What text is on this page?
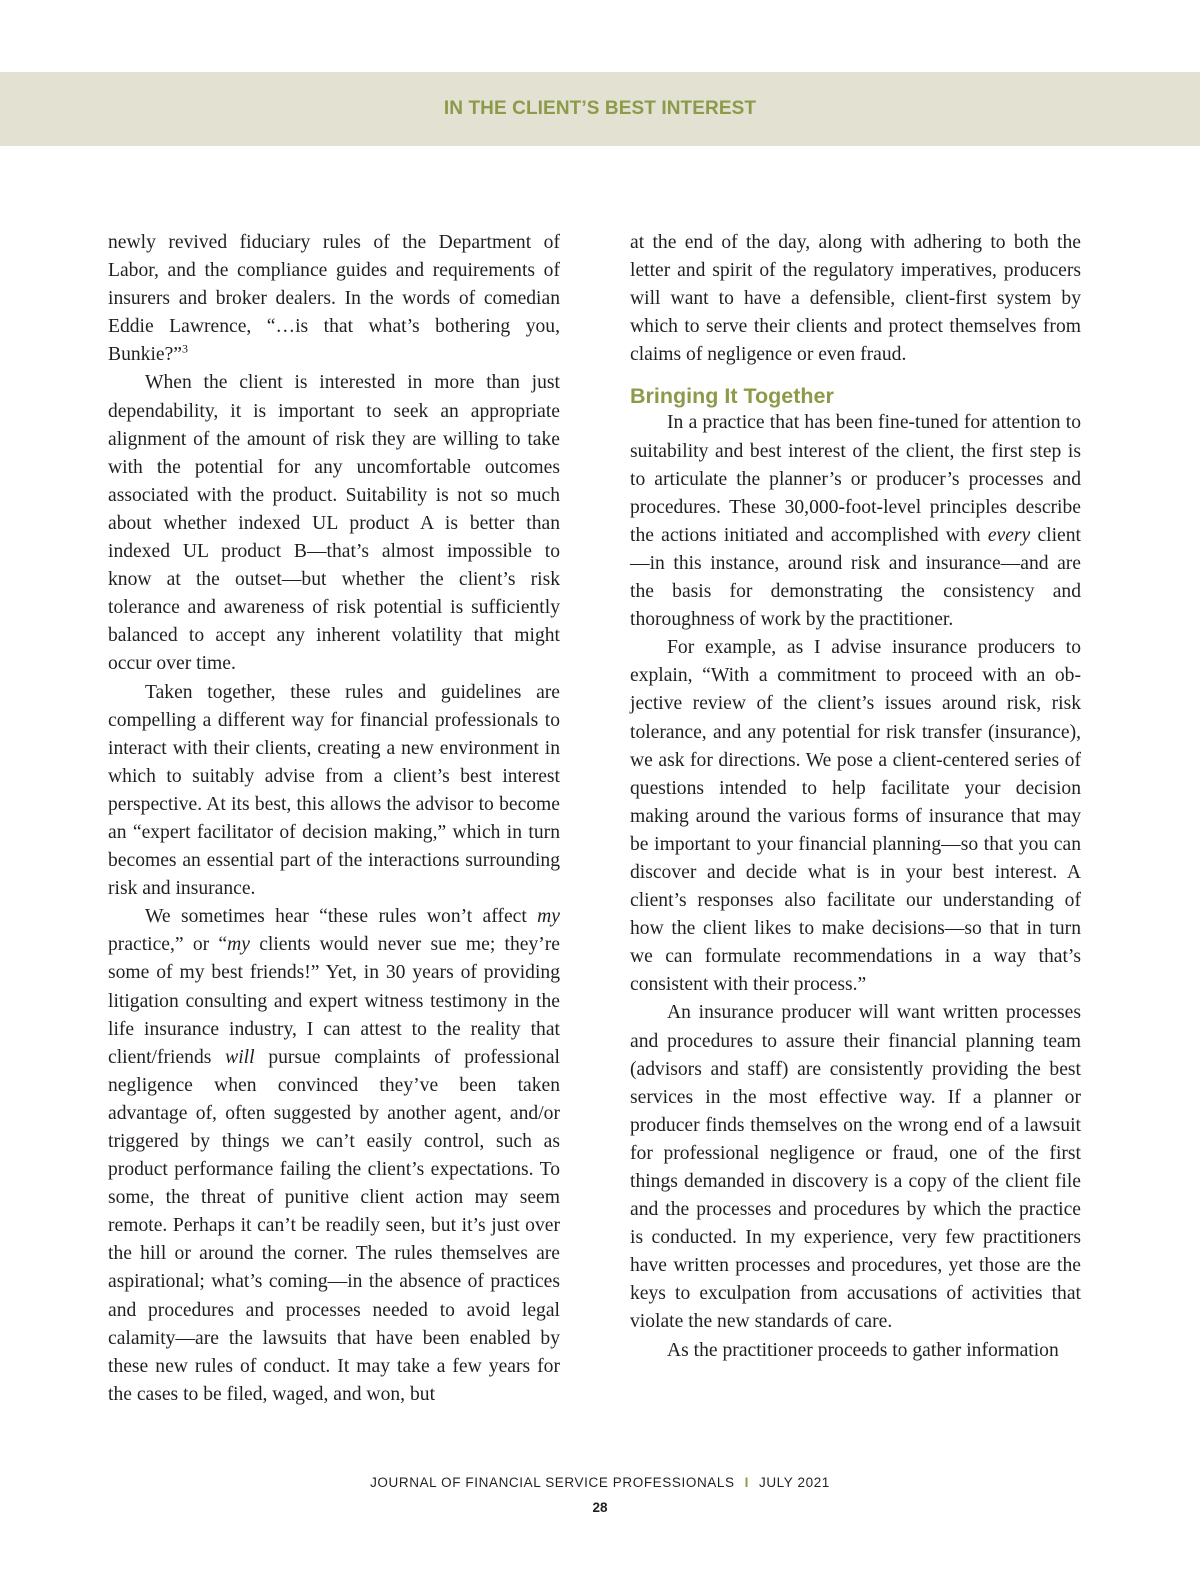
IN THE CLIENT’S BEST INTEREST

newly revived fiduciary rules of the Department of Labor, and the compliance guides and requirements of insurers and broker dealers. In the words of comedian Eddie Lawrence, “…is that what’s bothering you, Bunkie?”$^3$

When the client is interested in more than just dependability, it is important to seek an appropriate alignment of the amount of risk they are willing to take with the potential for any uncomfortable outcomes associated with the product. Suitability is not so much about whether indexed UL product A is better than indexed UL product B—that’s almost impossible to know at the outset—but whether the client’s risk tolerance and awareness of risk potential is sufficiently balanced to accept any inherent volatility that might occur over time.

Taken together, these rules and guidelines are compelling a different way for financial professionals to interact with their clients, creating a new environment in which to suitably advise from a client’s best interest perspective. At its best, this allows the advisor to become an “expert facilitator of decision making,” which in turn becomes an essential part of the interactions surrounding risk and insurance.

We sometimes hear “these rules won’t affect my practice,” or “my clients would never sue me; they’re some of my best friends!” Yet, in 30 years of providing litigation consulting and expert witness testimony in the life insurance industry, I can attest to the reality that client/friends will pursue complaints of professional negligence when convinced they’ve been taken advantage of, often suggested by another agent, and/​or triggered by things we can’t easily control, such as product performance failing the client’s expectations. To some, the threat of punitive client action may seem remote. Perhaps it can’t be readily seen, but it’s just over the hill or around the corner. The rules themselves are aspirational; what’s coming—in the absence of practices and procedures and processes needed to avoid legal calamity—are the lawsuits that have been enabled by these new rules of conduct. It may take a few years for the cases to be filed, waged, and won, but

at the end of the day, along with adhering to both the letter and spirit of the regulatory imperatives, producers will want to have a defensible, client-first system by which to serve their clients and protect themselves from claims of negligence or even fraud.

Bringing It Together

In a practice that has been fine-tuned for attention to suitability and best interest of the client, the first step is to articulate the planner’s or producer’s processes and procedures. These 30,000-foot-level principles describe the actions initiated and accomplished with every client—in this instance, around risk and insurance—and are the basis for demonstrating the consistency and thoroughness of work by the practitioner.

For example, as I advise insurance producers to explain, “With a commitment to proceed with an objective review of the client’s issues around risk, risk tolerance, and any potential for risk transfer (insurance), we ask for directions. We pose a client-centered series of questions intended to help facilitate your decision making around the various forms of insurance that may be important to your financial planning—​so that you can discover and decide what is in your best interest. A client’s responses also facilitate our understanding of how the client likes to make decisions—so that in turn we can formulate recommendations in a way that’s consistent with their process.”

An insurance producer will want written processes and procedures to assure their financial planning team (advisors and staff) are consistently providing the best services in the most effective way. If a planner or producer finds themselves on the wrong end of a lawsuit for professional negligence or fraud, one of the first things demanded in discovery is a copy of the client file and the processes and procedures by which the practice is conducted. In my experience, very few practitioners have written processes and procedures, yet those are the keys to exculpation from accusations of activities that violate the new standards of care.

As the practitioner proceeds to gather information

JOURNAL OF FINANCIAL SERVICE PROFESSIONALS I JULY 2021
28
